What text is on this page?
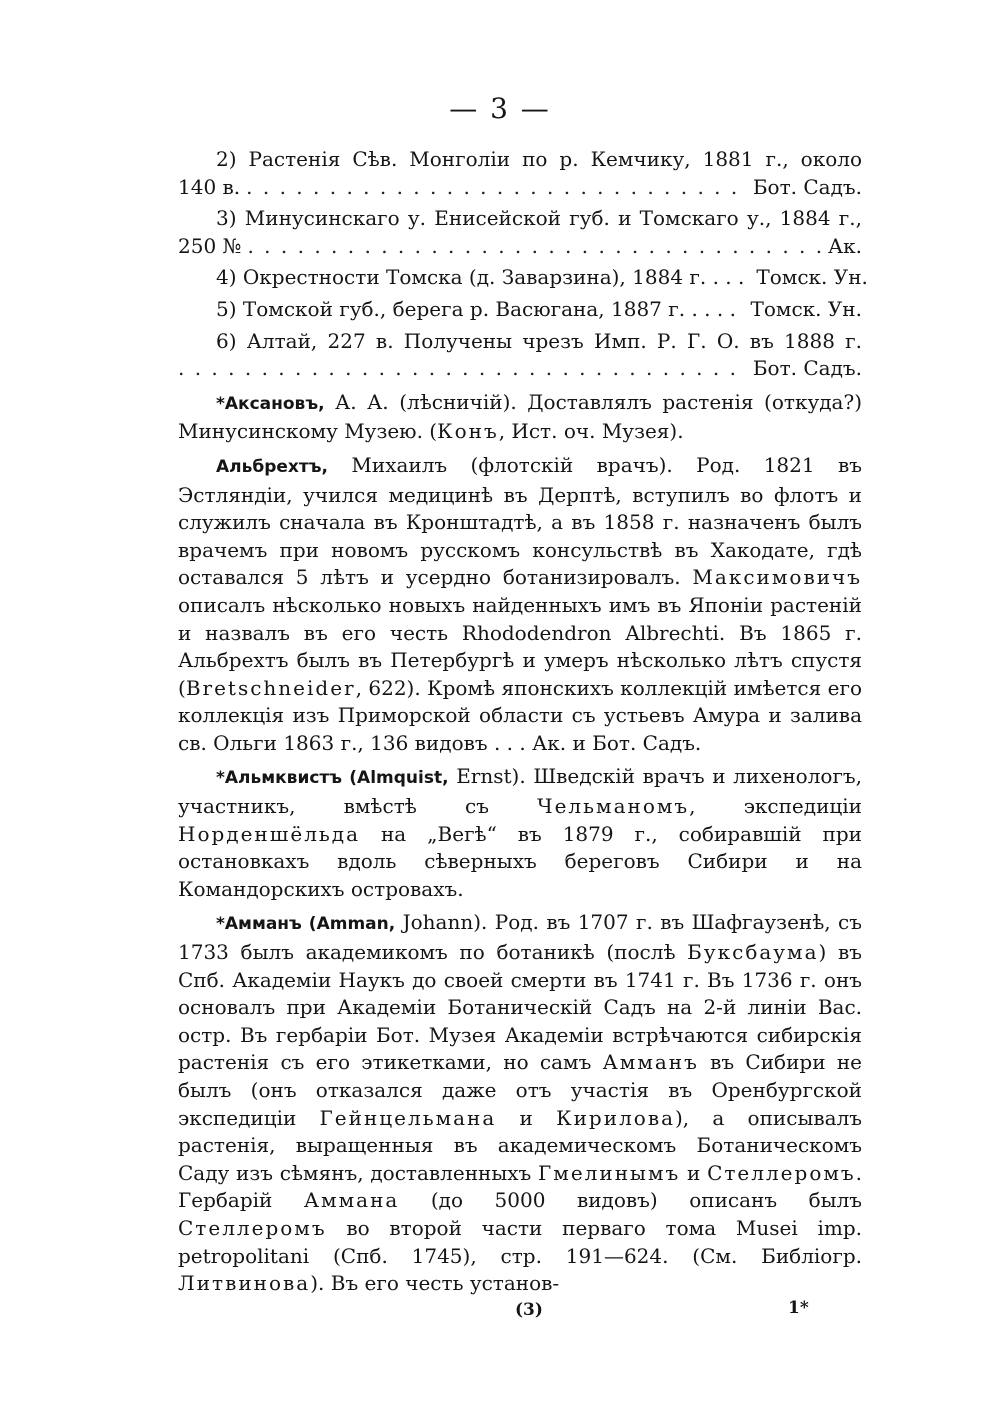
— 3 —
2) Растенія Сѣв. Монголіи по р. Кемчику, 1881 г., около
140 в. . . .	Бот. Садъ.
3) Минусинскаго у. Енисейской губ. и Томскаго у., 1884 г.,
250 № . . .	Ак.
4) Окрестности Томска (д. Заварзина), 1884 г. . . . Томск. Ун.
5) Томской губ., берега р. Васюгана, 1887 г. . . . . Томск. Ун.
6) Алтай, 227 в. Получены чрезъ Имп. Р. Г. О. въ 1888 г.
. . .
Бот. Садъ.

*Аксановъ, А. А. (лѣсничій). Доставлялъ растенія (откуда?) Минусинскому Музею. (Конъ, Ист. оч. Музея).

Альбрехтъ, Михаилъ (флотскій врачъ). Род. 1821 въ Эстляндіи, учился медицинѣ въ Дерптѣ, вступилъ во флотъ и служилъ сначала въ Кронштадтѣ, а въ 1858 г. назначенъ былъ врачемъ при новомъ русскомъ консульствѣ въ Хакодате, гдѣ оставался 5 лѣтъ и усердно ботанизировалъ. Максимовичъ описалъ нѣсколько новыхъ найденныхъ имъ въ Японіи растеній и назвалъ въ его честь Rhododendron Albrechti. Въ 1865 г. Альбрехтъ былъ въ Петербургѣ и умеръ нѣсколько лѣтъ спустя (Bretschneider, 622). Кромѣ японскихъ коллекцій имѣется его коллекція изъ Приморской области съ устьевъ Амура и залива св. Ольги 1863 г., 136 видовъ . . . Ак. и Бот. Садъ.

*Альмквистъ (Almquist, Ernst). Шведскій врачъ и лихенологъ, участникъ, вмѣстѣ съ Чельманомъ, экспедиціи Норденшёльда на „Вегѣ“ въ 1879 г., собиравшій при остановкахъ вдоль сѣверныхъ береговъ Сибири и на Командорскихъ островахъ.

*Амманъ (Amman, Johann). Род. въ 1707 г. въ Шафгаузенѣ, съ 1733 былъ академикомъ по ботаникѣ (послѣ Буксбаума) въ Спб. Академіи Наукъ до своей смерти въ 1741 г. Въ 1736 г. онъ основалъ при Академіи Ботаническій Садъ на 2-й линіи Вас. остр. Въ гербаріи Бот. Музея Академіи встрѣчаются сибирскія растенія съ его этикетками, но самъ Амманъ въ Сибири не былъ (онъ отказался даже отъ участія въ Оренбургской экспедиціи Гейнцельмана и Кирилова), а описывалъ растенія, выращенныя въ академическомъ Ботаническомъ Саду изъ сѣмянъ, доставленныхъ Гмелинымъ и Стеллеромъ. Гербарій Аммана (до 5000 видовъ) описанъ былъ Стеллеромъ во второй части перваго тома Musei imp. petropolitani (Спб. 1745), стр. 191—624. (См. Библіогр. Литвинова). Въ его честь установ-

(3)	1*
